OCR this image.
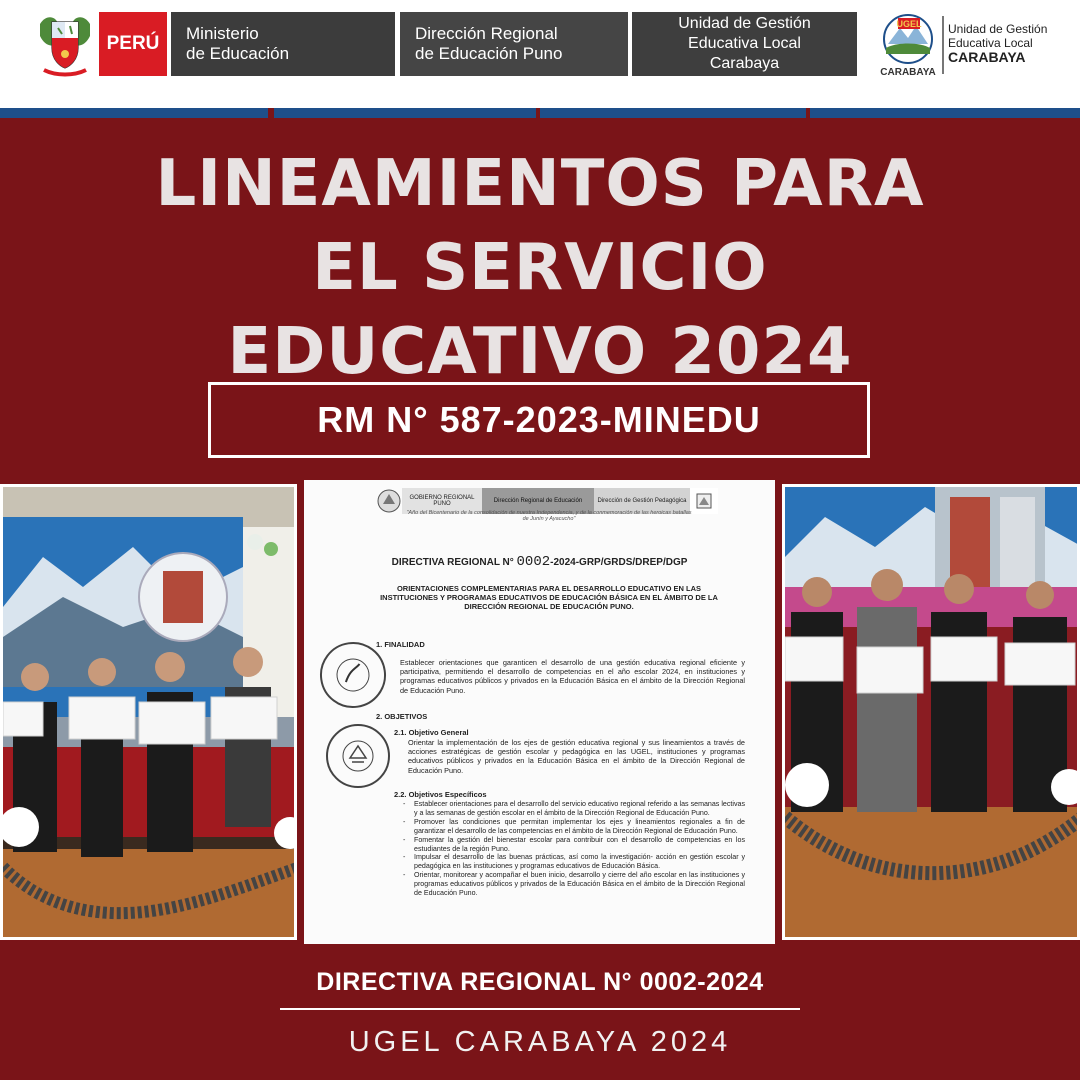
PERÚ	Ministerio
de Educación
Dirección Regional
de Educación Puno
Unidad de Gestión
Educativa Local
Carabaya
UGEL
CARABAYA
Unidad de Gestión
Educativa Local
CARABAYA
LINEAMIENTOS PARA
EL SERVICIO
EDUCATIVO 2024
RM N° 587-2023-MINEDU
GOBIERNO REGIONAL PUNO	Dirección Regional de Educación	Dirección de Gestión Pedagógica
"Año del Bicentenario de la consolidación de nuestra Independencia, y de la conmemoración de las heroicas batallas de Junín y Ayacucho"
DIRECTIVA REGIONAL N° 0002-2024-GRP/GRDS/DREP/DGP
ORIENTACIONES COMPLEMENTARIAS PARA EL DESARROLLO EDUCATIVO EN LAS INSTITUCIONES Y PROGRAMAS EDUCATIVOS DE EDUCACIÓN BÁSICA EN EL ÁMBITO DE LA DIRECCIÓN REGIONAL DE EDUCACIÓN PUNO.
1. FINALIDAD
Establecer orientaciones que garanticen el desarrollo de una gestión educativa regional eficiente y participativa, permitiendo el desarrollo de competencias en el año escolar 2024, en instituciones y programas educativos públicos y privados en la Educación Básica en el ámbito de la Dirección Regional de Educación Puno.
2. OBJETIVOS
2.1. Objetivo General
Orientar la implementación de los ejes de gestión educativa regional y sus lineamientos a través de acciones estratégicas de gestión escolar y pedagógica en las UGEL, instituciones y programas educativos públicos y privados en la Educación Básica en el ámbito de la Dirección Regional de Educación Puno.
2.2. Objetivos Específicos
- Establecer orientaciones para el desarrollo del servicio educativo regional referido a las semanas lectivas y a las semanas de gestión escolar en el ámbito de la Dirección Regional de Educación Puno.
- Promover las condiciones que permitan implementar los ejes y lineamientos regionales a fin de garantizar el desarrollo de las competencias en el ámbito de la Dirección Regional de Educación Puno.
- Fomentar la gestión del bienestar escolar para contribuir con el desarrollo de competencias en los estudiantes de la región Puno.
- Impulsar el desarrollo de las buenas prácticas, así como la investigación- acción en gestión escolar y pedagógica en las instituciones y programas educativos de Educación Básica.
- Orientar, monitorear y acompañar el buen inicio, desarrollo y cierre del año escolar en las instituciones y programas educativos públicos y privados de la Educación Básica en el ámbito de la Dirección Regional de Educación Puno.
DIRECTIVA REGIONAL N° 0002-2024
UGEL CARABAYA 2024
